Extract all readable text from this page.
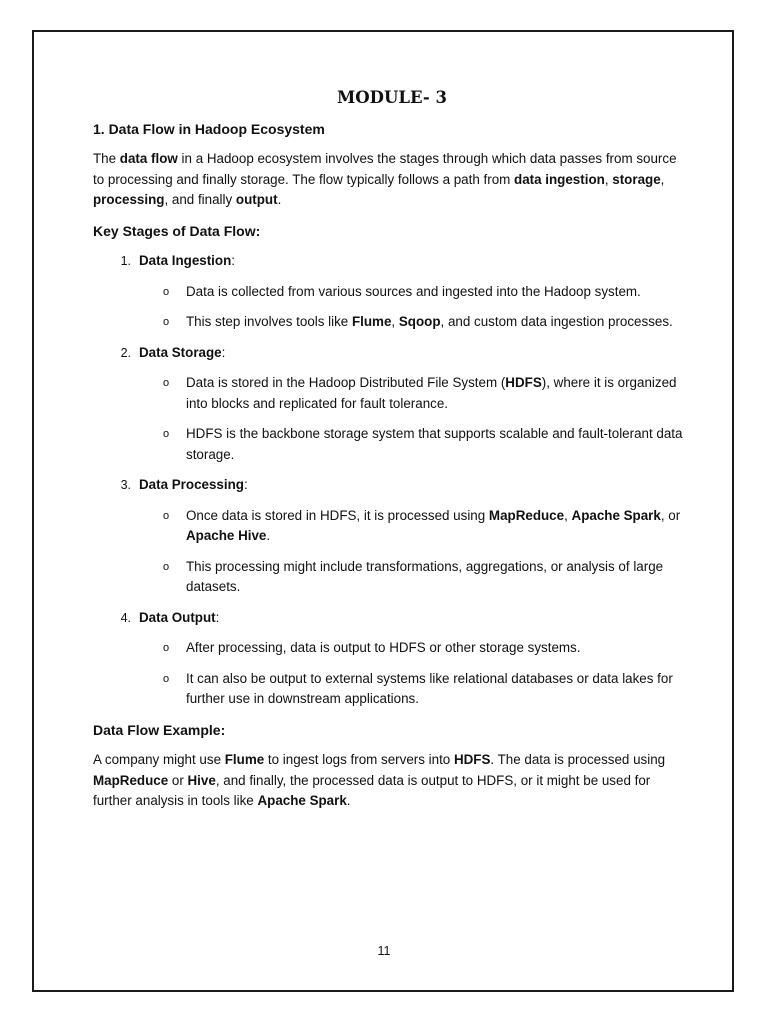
MODULE- 3
1. Data Flow in Hadoop Ecosystem

The data flow in a Hadoop ecosystem involves the stages through which data passes from source to processing and finally storage. The flow typically follows a path from data ingestion, storage, processing, and finally output.

Key Stages of Data Flow:
1. Data Ingestion:
o	Data is collected from various sources and ingested into the Hadoop system.
o	This step involves tools like Flume, Sqoop, and custom data ingestion processes.
2. Data Storage:
o	Data is stored in the Hadoop Distributed File System (HDFS), where it is organized into blocks and replicated for fault tolerance.
o	HDFS is the backbone storage system that supports scalable and fault-tolerant data storage.
3. Data Processing:
o	Once data is stored in HDFS, it is processed using MapReduce, Apache Spark, or Apache Hive.
o	This processing might include transformations, aggregations, or analysis of large datasets.
4. Data Output:
o	After processing, data is output to HDFS or other storage systems.
o	It can also be output to external systems like relational databases or data lakes for further use in downstream applications.
Data Flow Example:

A company might use Flume to ingest logs from servers into HDFS. The data is processed using MapReduce or Hive, and finally, the processed data is output to HDFS, or it might be used for further analysis in tools like Apache Spark.

11
